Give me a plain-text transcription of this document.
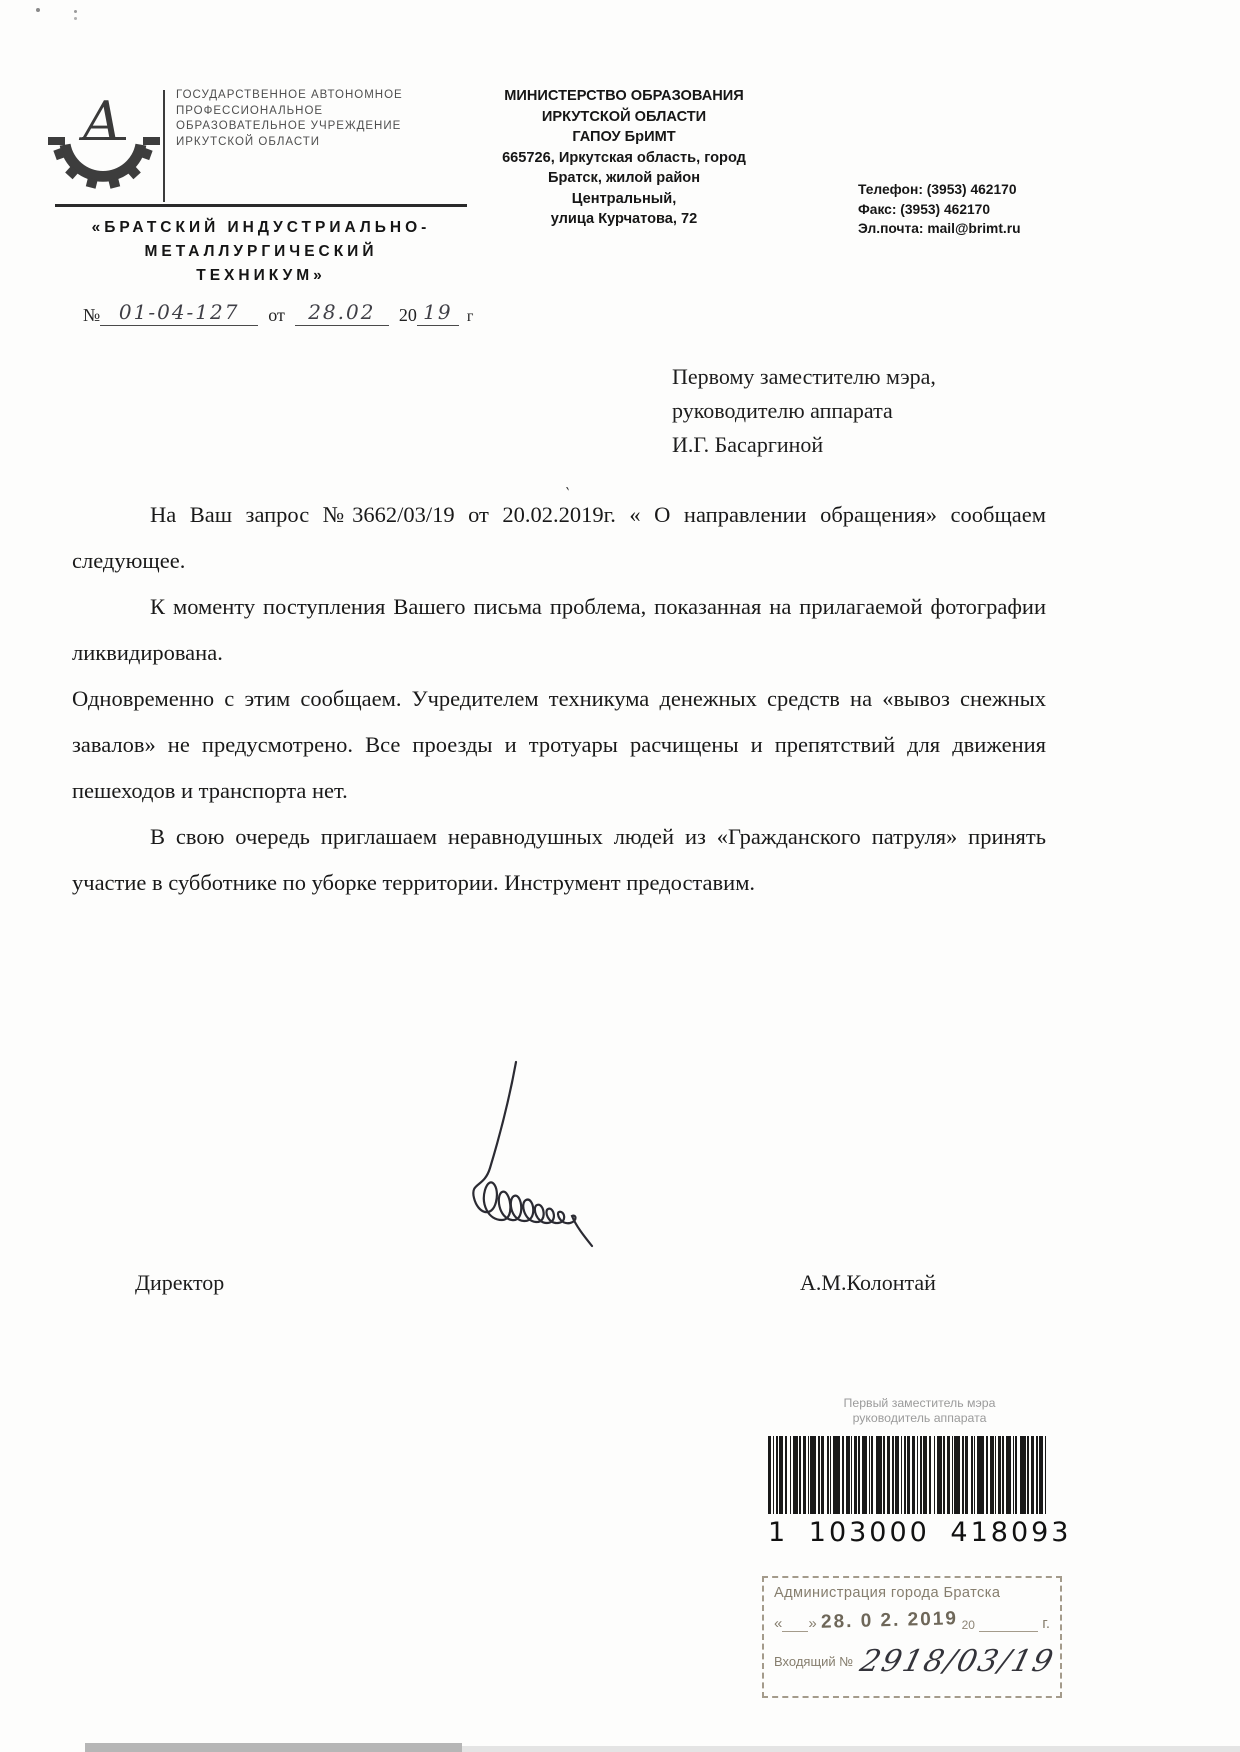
`
А	ГОСУДАРСТВЕННОЕ АВТОНОМНОЕ
ПРОФЕССИОНАЛЬНОЕ
ОБРАЗОВАТЕЛЬНОЕ УЧРЕЖДЕНИЕ
ИРКУТСКОЙ ОБЛАСТИ
«БРАТСКИЙ ИНДУСТРИАЛЬНО-
МЕТАЛЛУРГИЧЕСКИЙ
ТЕХНИКУМ»
МИНИСТЕРСТВО ОБРАЗОВАНИЯ
ИРКУТСКОЙ ОБЛАСТИ
ГАПОУ БрИМТ
665726, Иркутская область, город
Братск, жилой район Центральный,
улица Курчатова, 72
Телефон: (3953) 462170
Факс: (3953) 462170
Эл.почта: mail@brimt.ru
№ 01-04-127	от	28.02	20 19 г
Первому заместителю мэра,
руководителю аппарата
И.Г. Басаргиной

На Ваш запрос №3662/03/19 от 20.02.2019г. « О направлении обращения» сообщаем следующее.

К моменту поступления Вашего письма проблема, показанная на прилагаемой фотографии ликвидирована.

Одновременно с этим сообщаем. Учредителем техникума денежных средств на «вывоз снежных завалов» не предусмотрено. Все проезды и тротуары расчищены и препятствий для движения пешеходов и транспорта нет.

В свою очередь приглашаем неравнодушных людей из «Гражданского патруля» принять участие в субботнике по уборке территории. Инструмент предоставим.

Директор	А.М.Колонтай
Первый заместитель мэра
руководитель аппарата
1 103000 418093
Администрация города Братска
« » 28. 0 2. 2019 20	г.
Входящий № 2918/03/19
